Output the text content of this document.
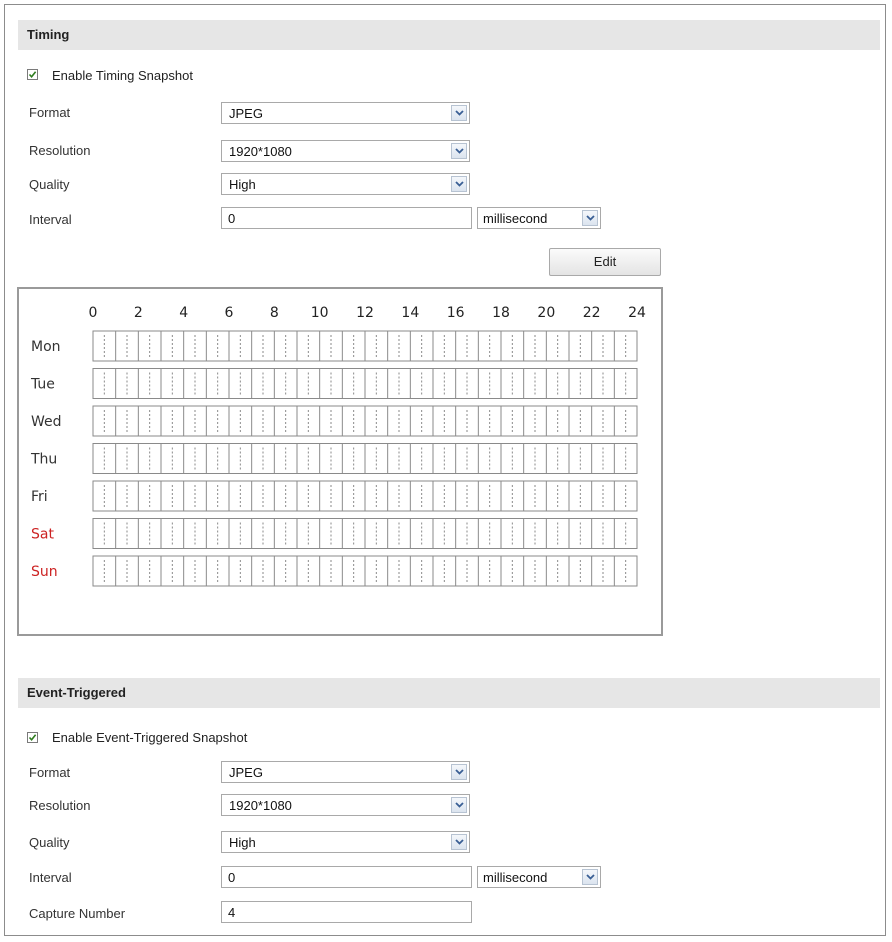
Timing
Enable Timing Snapshot
Format	JPEG
Resolution	1920*1080
Quality	High
Interval	0	millisecond
Edit
0	2	4	6	8 10 12 14 16 18 20 22 24
Mon
Tue
Wed
Thu
Fri
Sat
Sun
Event-Triggered
Enable Event-Triggered Snapshot
Format	JPEG
Resolution	1920*1080
Quality	High
Interval	0	millisecond
Capture Number	4
